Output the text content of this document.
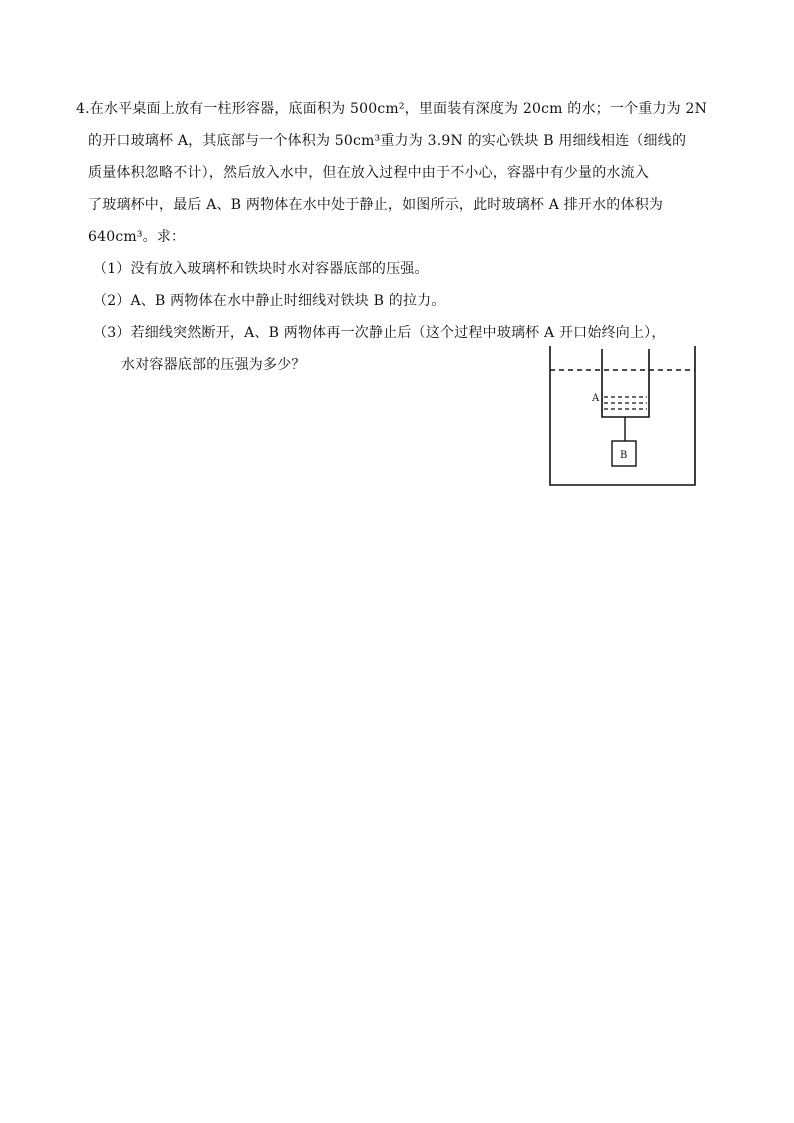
4.在水平桌面上放有一柱形容器，底面积为 500cm²，里面装有深度为 20cm 的水；一个重力为 2N
的开口玻璃杯 A，其底部与一个体积为 50cm³重力为 3.9N 的实心铁块 B 用细线相连（细线的
质量体积忽略不计），然后放入水中，但在放入过程中由于不小心，容器中有少量的水流入
了玻璃杯中，最后 A、B 两物体在水中处于静止，如图所示，此时玻璃杯 A 排开水的体积为
640cm³。求：
（1）没有放入玻璃杯和铁块时水对容器底部的压强。
（2）A、B 两物体在水中静止时细线对铁块 B 的拉力。
（3）若细线突然断开，A、B 两物体再一次静止后（这个过程中玻璃杯 A 开口始终向上），
水对容器底部的压强为多少？
A
B
